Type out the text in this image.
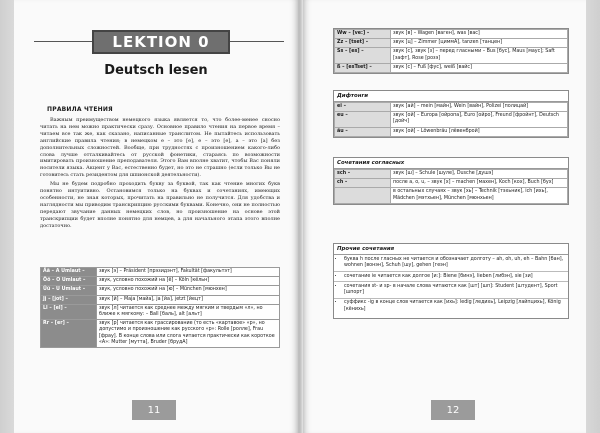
LEKTION 0
Deutsch lesen
ПРАВИЛА ЧТЕНИЯ

Важным преимуществом немецкого языка является то, что более-менее сносно читать на нем можно практически сразу. Основное правило чтения на первое время – читаем все так же, как сказано, написанные транслитом. Не пытайтесь использовать английские правила чтения; в немецком е – это [е], е – это [е], а – это [а] без дополнительных сложностей. Вообще, при трудностях с произношением какого-либо слова лучше отталкивайтесь от русской фонетики, стараясь по возможности имитировать произношение преподавателя. Этого Вам вполне хватит, чтобы Вас поняли носители языка. Акцент у Вас, естественно будет, но это не страшно (если только Вы не готовитесь стать резидентом для шпионской деятельности).

Мы не будем подробно проходить букву за буквой, так как чтение многих букв понятно интуитивно. Остановимся только на буквах и сочетаниях, имеющих особенности, не зная которых, прочитать на правильно не получится. Для удобства и наглядности мы приводим транскрипцию русскими буквами. Конечно, они не полностью передают звучание данных немецких слов, но произношение на основе этой транскрипции будет вполне понятно для немцев, а для начального этапа этого вполне достаточно.

Ää – A Umlaut –	звук [э] – Präsident [прэзидэнт], Fakultät [факультэт]
Öö – O Umlaut –	звук, условно похожий на [ё] – Köln [кёльн]
Üü – U Umlaut –	звук, условно похожий на [ю] – München [мюнхен]
Jj – [jot] –	звук [й] – Maja [майа], ja [йа], jetzt [йецт]
Ll – [el] –	звук [л] читается как среднее между мягким и твердым «л», но ближе к мягкому: – Ball [баль], alt [альт]
Rr – [er] –	звук [р] читается как грассирование (то есть «картавое» «р», но допустимо и произношение как русского «р»: Rolle [ролле], Frau [фрау]. В конце слова или слога читается практически как короткое «А»: Mutter [мутта], Bruder [брудА]
11
Ww – [ve:] –	звук [в] – Wagen [ваген], was [вас]
Zz – [tset] –	звук [ц] – Zimmer [циммА], tanzen [танцен]
Ss – [es] –	звук [с], звук [з] – перед гласными – Bus [бус], Maus [маус]; Saft [зафт], Rose [розэ]
ß – [esTset] –	звук [с] – Fuß [фус], weiß [вайс]
Дифтонги
ei –	звук [ай] – mein [майн], Wein [вайн], Polizei [полицай]
eu –	звук [ой] – Europa [ойропа], Euro [ойро], Freund [фройнт], Deutsch [дойч]
äu –	звук [ой] – Löwenbräu [лёвенброй]
Сочетания согласных
sch –	звук [ш] – Schule [шуле], Dusche [душэ]
ch –	после a, o, u, – звук [х] – machen [махен], Koch [кох], Buch [бух]
	в остальных случаях – звук [хь] – Technik [тэхьник], ich [ихь], Mädchen [мэтхьен], München [мюнхьен]
Прочие сочетания
• буква h после гласных не читается и обозначает долготу – ah, oh, uh, eh – Bahn [бан], wohnen [вонэн], Schuh [шу], gehen [геэн]
• сочетание ie читается как долгое [и:]: Biene [бинэ], lieben [либэн], sie [зи]
• сочетания st- и sp- в начале слова читаются как [шт] [шп]: Student [штудент], Sport [шпорт]
• суффикс -ig в конце слов читается как [ихь]: ledig [ледихь], Leipzig [лайпцихь], König [кёнихь]
12
